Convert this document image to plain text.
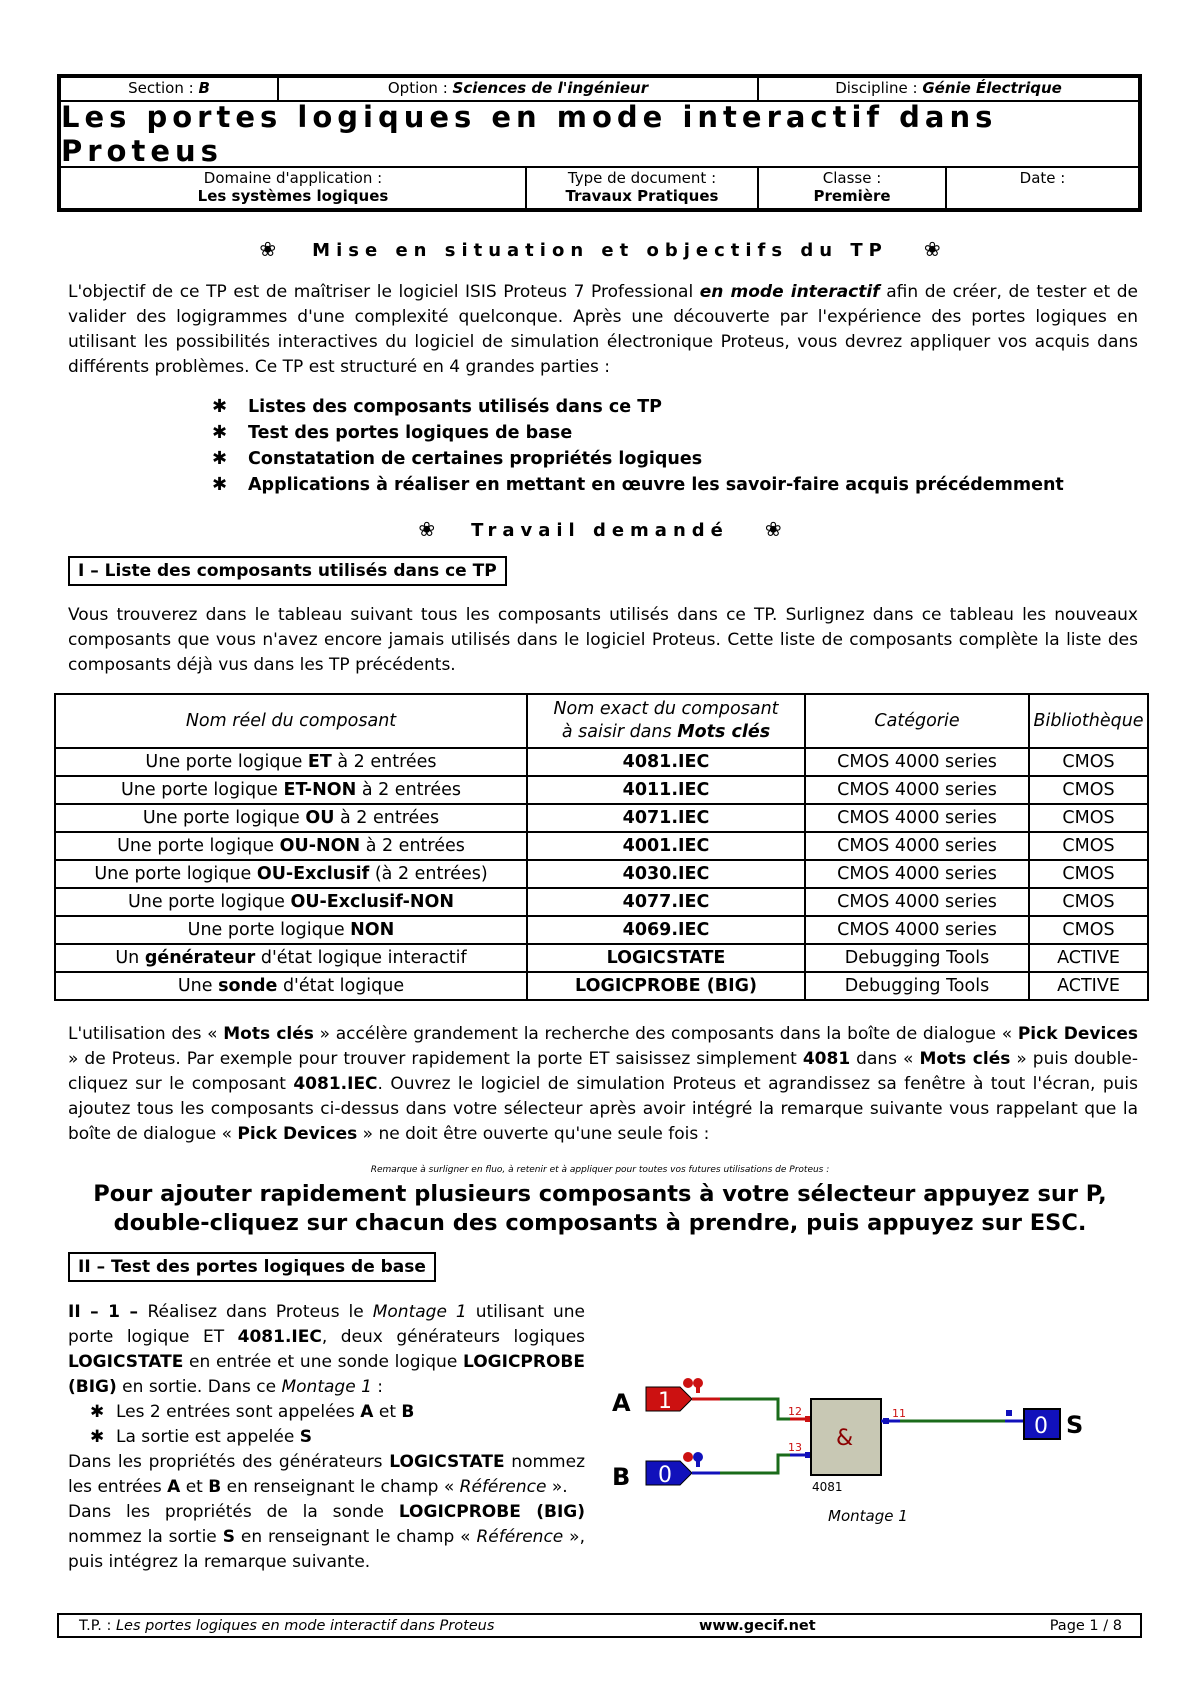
Section : B	Option : Sciences de l'ingénieur	Discipline : Génie Électrique
Les portes logiques en mode interactif dans Proteus
Domaine d'application :
Les systèmes logiques
Type de document :
Travaux Pratiques
Classe :
Première
Date :
❀ Mise en situation et objectifs du TP ❀
L'objectif de ce TP est de maîtriser le logiciel ISIS Proteus 7 Professional en mode interactif afin de créer, de tester et de valider des logigrammes d'une complexité quelconque. Après une découverte par l'expérience des portes logiques en utilisant les possibilités interactives du logiciel de simulation électronique Proteus, vous devrez appliquer vos acquis dans différents problèmes. Ce TP est structuré en 4 grandes parties :
✱ Listes des composants utilisés dans ce TP
✱ Test des portes logiques de base
✱ Constatation de certaines propriétés logiques
✱ Applications à réaliser en mettant en œuvre les savoir-faire acquis précédemment
❀ Travail demandé ❀
I – Liste des composants utilisés dans ce TP
Vous trouverez dans le tableau suivant tous les composants utilisés dans ce TP. Surlignez dans ce tableau les nouveaux composants que vous n'avez encore jamais utilisés dans le logiciel Proteus. Cette liste de composants complète la liste des composants déjà vus dans les TP précédents.
Nom réel du composant	Nom exact du composant
à saisir dans Mots clés	Catégorie	Bibliothèque
Une porte logique ET à 2 entrées	4081.IEC	CMOS 4000 series	CMOS
Une porte logique ET-NON à 2 entrées	4011.IEC	CMOS 4000 series	CMOS
Une porte logique OU à 2 entrées	4071.IEC	CMOS 4000 series	CMOS
Une porte logique OU-NON à 2 entrées	4001.IEC	CMOS 4000 series	CMOS
Une porte logique OU-Exclusif (à 2 entrées)	4030.IEC	CMOS 4000 series	CMOS
Une porte logique OU-Exclusif-NON	4077.IEC	CMOS 4000 series	CMOS
Une porte logique NON	4069.IEC	CMOS 4000 series	CMOS
Un générateur d'état logique interactif	LOGICSTATE	Debugging Tools	ACTIVE
Une sonde d'état logique	LOGICPROBE (BIG)	Debugging Tools	ACTIVE
L'utilisation des « Mots clés » accélère grandement la recherche des composants dans la boîte de dialogue « Pick Devices » de Proteus. Par exemple pour trouver rapidement la porte ET saisissez simplement 4081 dans « Mots clés » puis double-cliquez sur le composant 4081.IEC. Ouvrez le logiciel de simulation Proteus et agrandissez sa fenêtre à tout l'écran, puis ajoutez tous les composants ci-dessus dans votre sélecteur après avoir intégré la remarque suivante vous rappelant que la boîte de dialogue « Pick Devices » ne doit être ouverte qu'une seule fois :
Remarque à surligner en fluo, à retenir et à appliquer pour toutes vos futures utilisations de Proteus :
Pour ajouter rapidement plusieurs composants à votre sélecteur appuyez sur P,
double-cliquez sur chacun des composants à prendre, puis appuyez sur ESC.
II – Test des portes logiques de base
II – 1 – Réalisez dans Proteus le Montage 1 utilisant une porte logique ET 4081.IEC, deux générateurs logiques LOGICSTATE en entrée et une sonde logique LOGICPROBE (BIG) en sortie. Dans ce Montage 1 :
✱ Les 2 entrées sont appelées A et B
✱ La sortie est appelée S
Dans les propriétés des générateurs LOGICSTATE nommez les entrées A et B en renseignant le champ « Référence ».
Dans les propriétés de la sonde LOGICPROBE (BIG) nommez la sortie S en renseignant le champ « Référence », puis intégrez la remarque suivante.
A 1
B 0
12
13 &
4081
11
0 S
Montage 1
T.P. : Les portes logiques en mode interactif dans Proteus	www.gecif.net	Page 1 / 8
